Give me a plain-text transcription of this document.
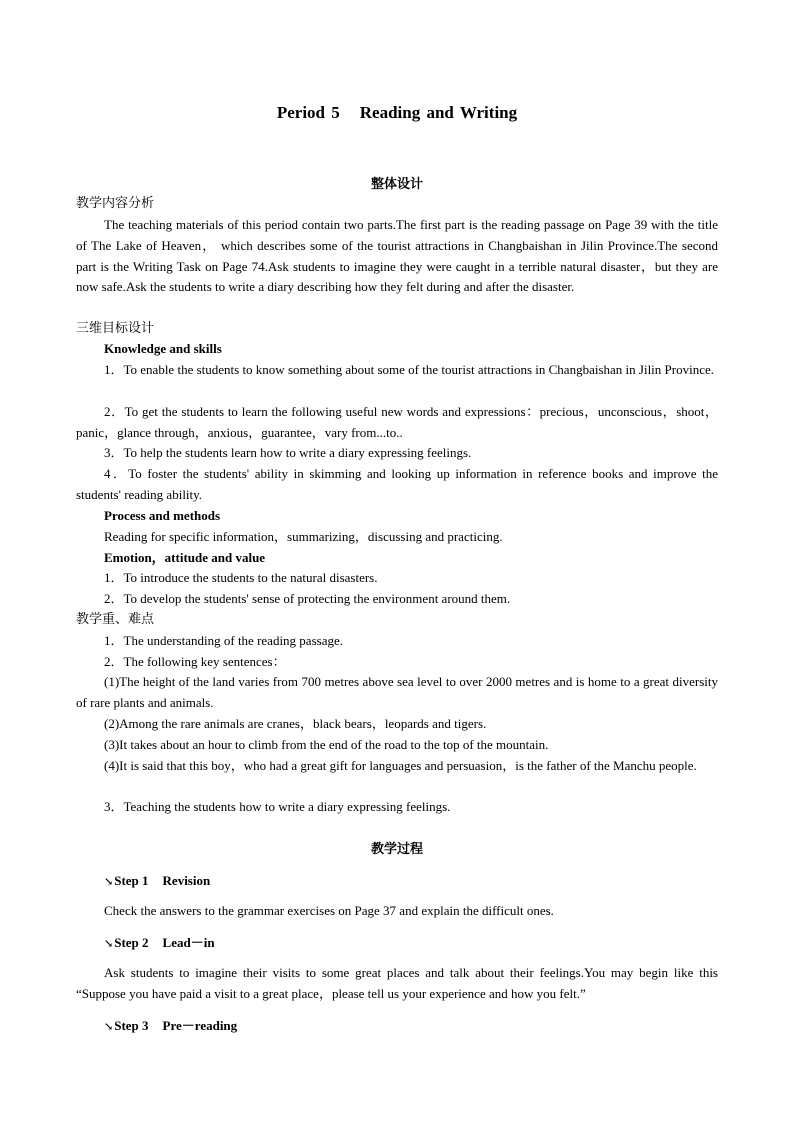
Period 5 Reading and Writing
整体设计
教学内容分析
The teaching materials of this period contain two parts.The first part is the reading passage on Page 39 with the title of The Lake of Heaven， which describes some of the tourist attractions in Changbaishan in Jilin Province.The second part is the Writing Task on Page 74.Ask students to imagine they were caught in a terrible natural disaster，but they are now safe.Ask the students to write a diary describing how they felt during and after the disaster.
三维目标设计
Knowledge and skills
1．To enable the students to know something about some of the tourist attractions in Changbaishan in Jilin Province.
2．To get the students to learn the following useful new words and expressions：precious，unconscious，shoot，panic，glance through，anxious，guarantee，vary from...to..
3．To help the students learn how to write a diary expressing feelings.
4．To foster the students' ability in skimming and looking up information in reference books and improve the students' reading ability.
Process and methods
Reading for specific information，summarizing，discussing and practicing.
Emotion，attitude and value
1．To introduce the students to the natural disasters.
2．To develop the students' sense of protecting the environment around them.
教学重、难点
1．The understanding of the reading passage.
2．The following key sentences：
(1)The height of the land varies from 700 metres above sea level to over 2000 metres and is home to a great diversity of rare plants and animals.
(2)Among the rare animals are cranes，black bears，leopards and tigers.
(3)It takes about an hour to climb from the end of the road to the top of the mountain.
(4)It is said that this boy，who had a great gift for languages and persuasion，is the father of the Manchu people.
3．Teaching the students how to write a diary expressing feelings.
教学过程
↘Step 1 Revision
Check the answers to the grammar exercises on Page 37 and explain the difficult ones.
↘Step 2 Lead－in
Ask students to imagine their visits to some great places and talk about their feelings.You may begin like this “Suppose you have paid a visit to a great place，please tell us your experience and how you felt.”
↘Step 3 Pre－reading
